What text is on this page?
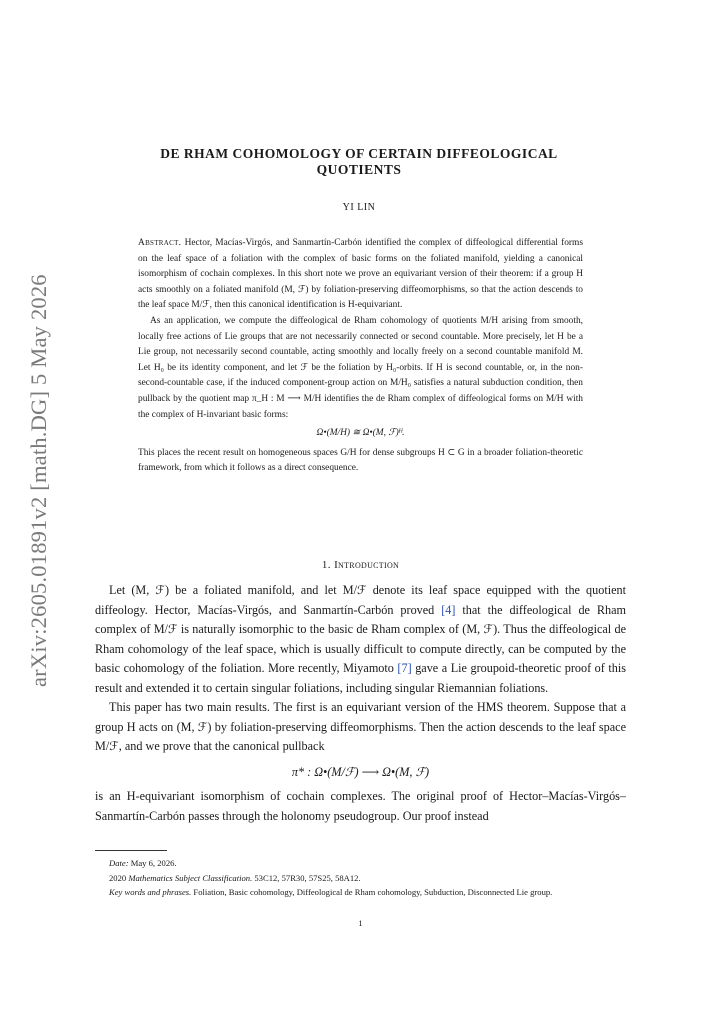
arXiv:2605.01891v2 [math.DG] 5 May 2026
DE RHAM COHOMOLOGY OF CERTAIN DIFFEOLOGICAL QUOTIENTS
YI LIN

Abstract. Hector, Macías-Virgós, and Sanmartín-Carbón identified the complex of diffeological differential forms on the leaf space of a foliation with the complex of basic forms on the foliated manifold, yielding a canonical isomorphism of cochain complexes. In this short note we prove an equivariant version of their theorem: if a group H acts smoothly on a foliated manifold (M, ℱ) by foliation-preserving diffeomorphisms, so that the action descends to the leaf space M/ℱ, then this canonical identification is H-equivariant.

As an application, we compute the diffeological de Rham cohomology of quotients M/H arising from smooth, locally free actions of Lie groups that are not necessarily connected or second countable. More precisely, let H be a Lie group, not necessarily second countable, acting smoothly and locally freely on a second countable manifold M. Let H₀ be its identity component, and let ℱ be the foliation by H₀-orbits. If H is second countable, or, in the non-second-countable case, if the induced component-group action on M/H₀ satisfies a natural subduction condition, then pullback by the quotient map π_H : M ⟶ M/H identifies the de Rham complex of diffeological forms on M/H with the complex of H-invariant basic forms:

Ω•(M/H) ≅ Ω•(M, ℱ)ᴴ.

This places the recent result on homogeneous spaces G/H for dense subgroups H ⊂ G in a broader foliation-theoretic framework, from which it follows as a direct consequence.

1. Introduction

Let (M, ℱ) be a foliated manifold, and let M/ℱ denote its leaf space equipped with the quotient diffeology. Hector, Macías-Virgós, and Sanmartín-Carbón proved [4] that the diffeological de Rham complex of M/ℱ is naturally isomorphic to the basic de Rham complex of (M, ℱ). Thus the diffeological de Rham cohomology of the leaf space, which is usually difficult to compute directly, can be computed by the basic cohomology of the foliation. More recently, Miyamoto [7] gave a Lie groupoid-theoretic proof of this result and extended it to certain singular foliations, including singular Riemannian foliations.

This paper has two main results. The first is an equivariant version of the HMS theorem. Suppose that a group H acts on (M, ℱ) by foliation-preserving diffeomorphisms. Then the action descends to the leaf space M/ℱ, and we prove that the canonical pullback

π* : Ω•(M/ℱ) ⟶ Ω•(M, ℱ)

is an H-equivariant isomorphism of cochain complexes. The original proof of Hector–Macías-Virgós–Sanmartín-Carbón passes through the holonomy pseudogroup. Our proof instead

Date: May 6, 2026.

2020 Mathematics Subject Classification. 53C12, 57R30, 57S25, 58A12.

Key words and phrases. Foliation, Basic cohomology, Diffeological de Rham cohomology, Subduction, Disconnected Lie group.

1
